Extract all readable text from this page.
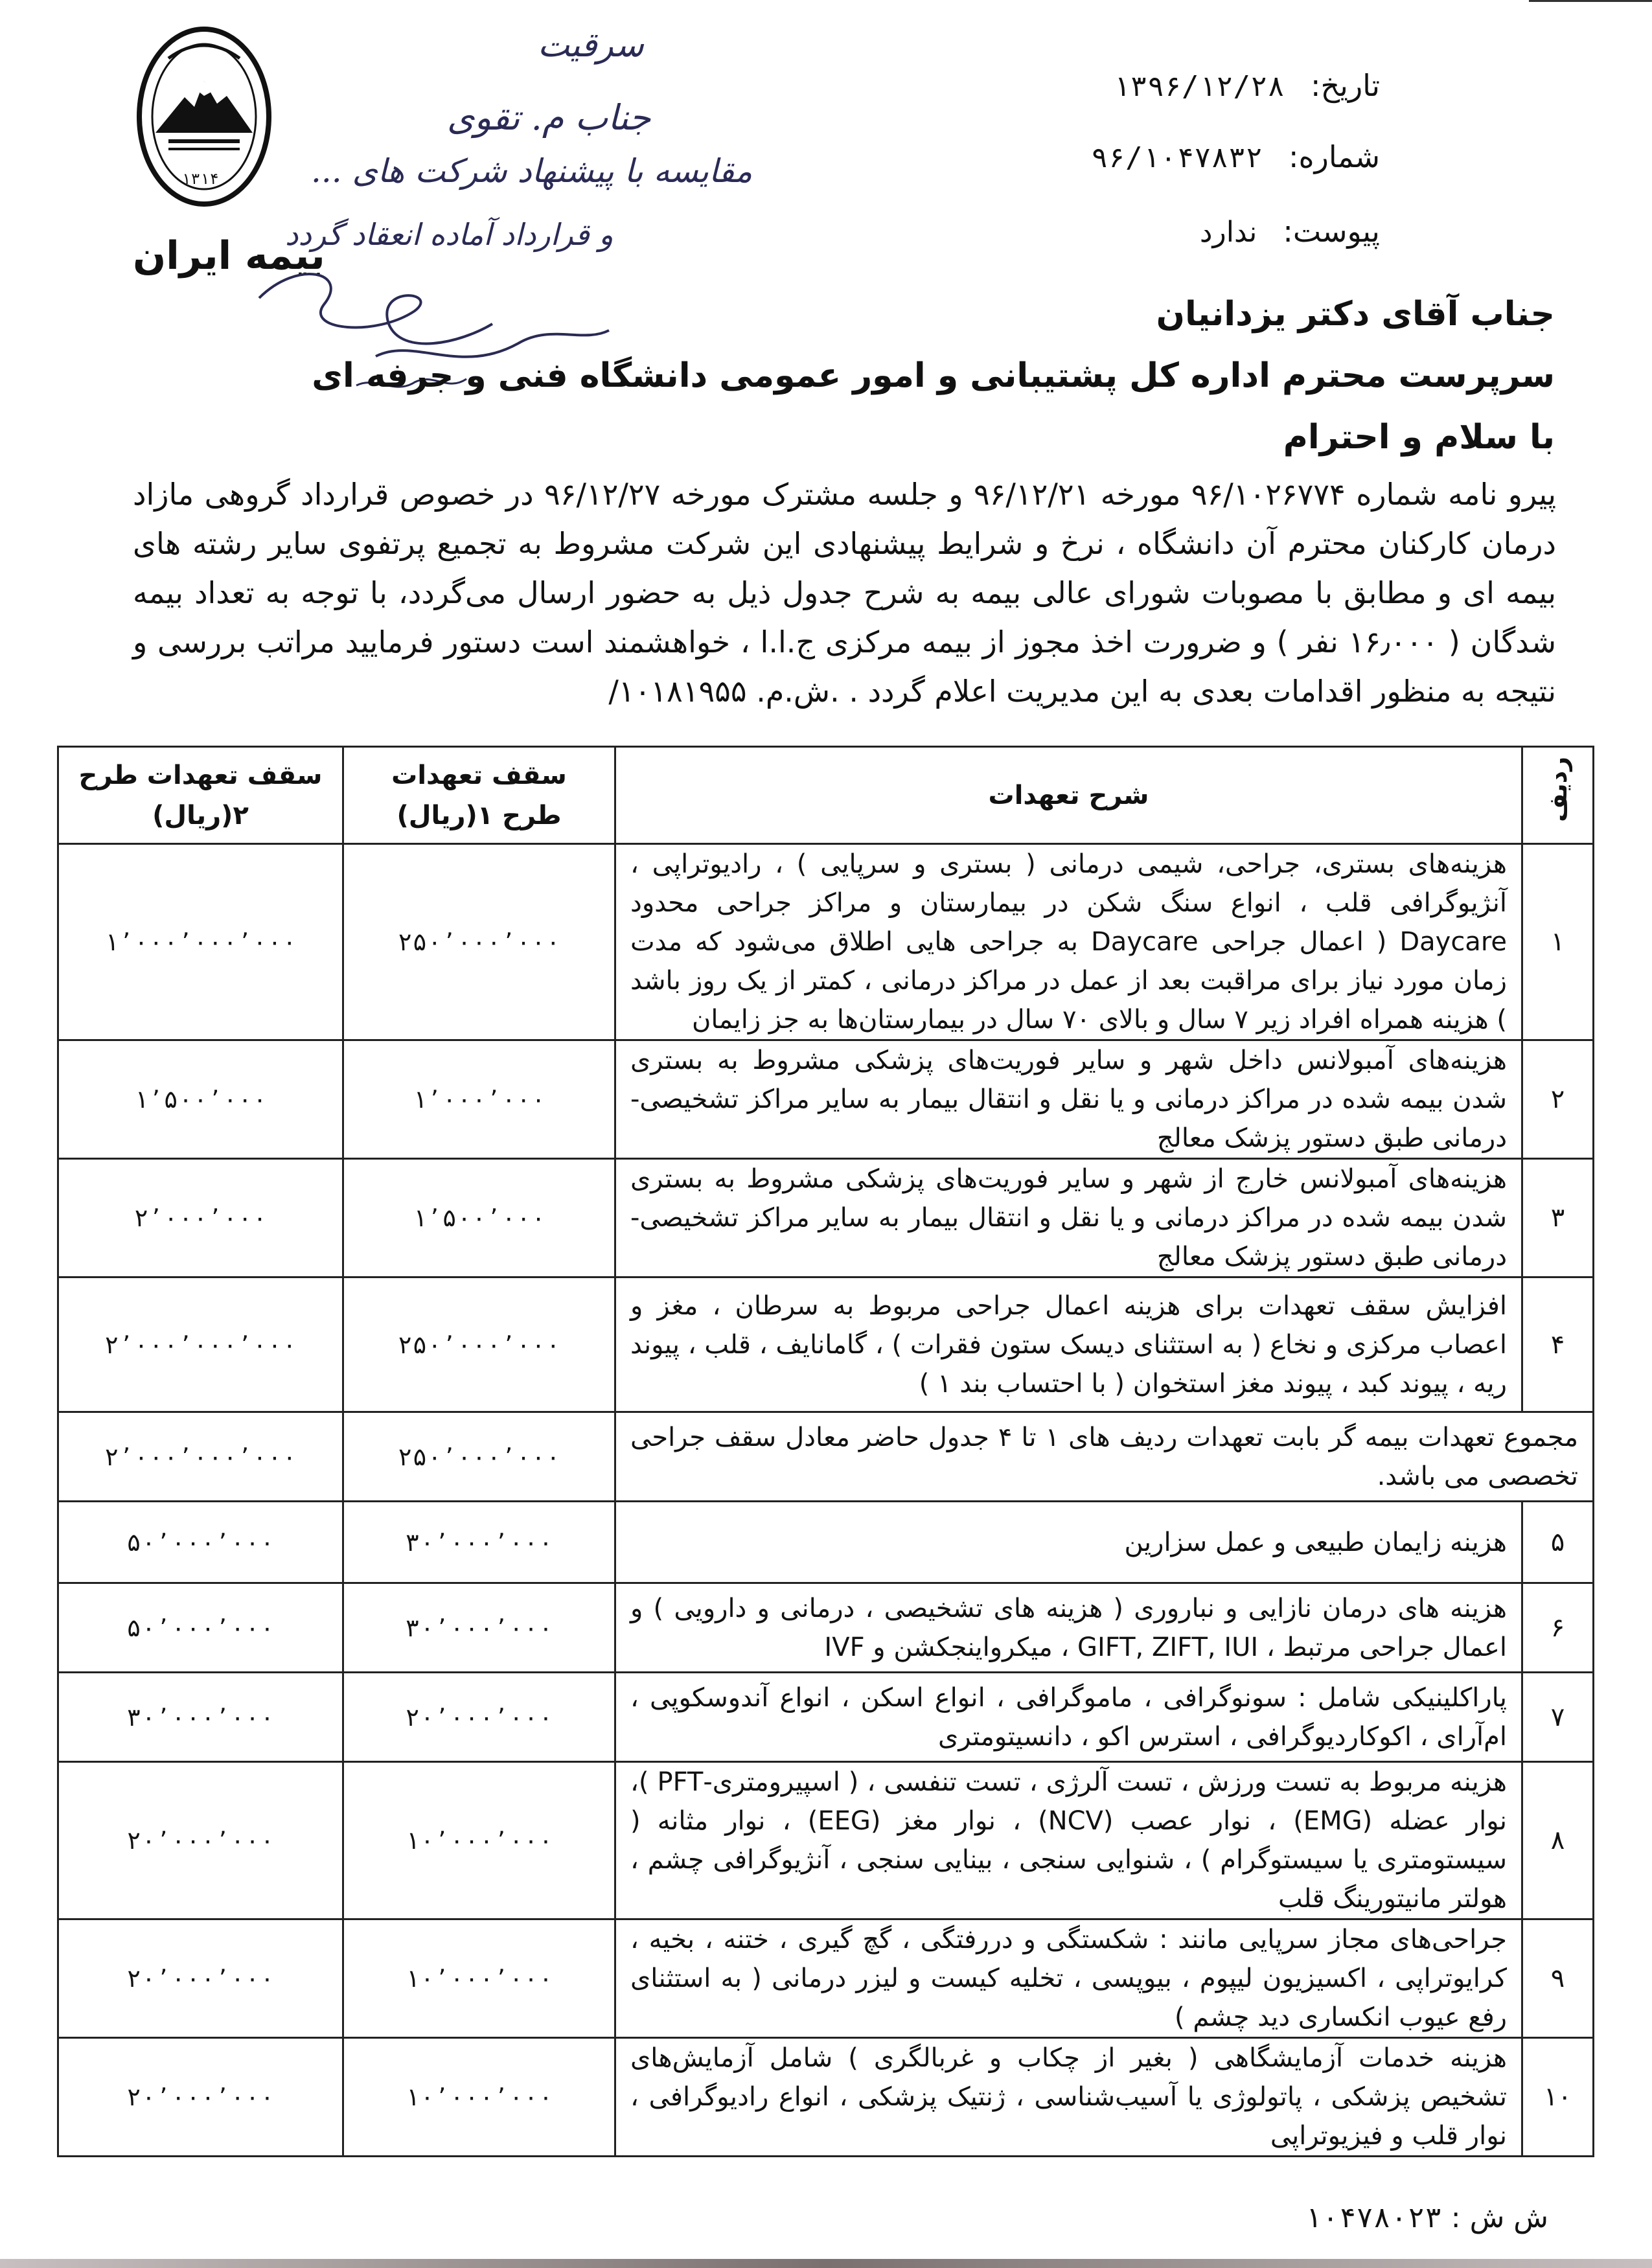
تاریخ:
۱۳۹۶/۱۲/۲۸
شماره:
۹۶/۱۰۴۷۸۳۲
پیوست:
ندارد
۱۳۱۴
بیمه ایران
سرقیت
جناب م. تقوی
مقایسه با پیشنهاد شرکت های ...
و قرارداد آماده انعقاد گردد
جناب آقای دکتر یزدانیان
سرپرست محترم اداره کل پشتیبانی و امور عمومی دانشگاه فنی و جرفه ای
با سلام و احترام
پیرو نامه شماره ۹۶/۱۰۲۶۷۷۴ مورخه ۹۶/۱۲/۲۱ و جلسه مشترک مورخه ۹۶/۱۲/۲۷ در خصوص قرارداد گروهی مازاد درمان کارکنان محترم آن دانشگاه ، نرخ و شرایط پیشنهادی این شرکت مشروط به تجمیع پرتفوی سایر رشته های بیمه ای و مطابق با مصوبات شورای عالی بیمه به شرح جدول ذیل به حضور ارسال می‌گردد، با توجه به تعداد بیمه شدگان ( ۱۶٫۰۰۰ نفر ) و ضرورت اخذ مجوز از بیمه مرکزی ج.ا.ا ، خواهشمند است دستور فرمایید مراتب بررسی و نتیجه به منظور اقدامات بعدی به این مدیریت اعلام گردد . .ش.م. ۱۰۱۸۱۹۵۵/
ردیف	شرح تعهدات	سقف تعهدات طرح ۱(ریال)	سقف تعهدات طرح ۲(ریال)
۱	هزینه‌های بستری، جراحی، شیمی درمانی ( بستری و سرپایی ) ، رادیوتراپی ، آنژیوگرافی قلب ، انواع سنگ شکن در بیمارستان و مراکز جراحی محدود Daycare ( اعمال جراحی Daycare به جراحی هایی اطلاق می‌شود که مدت زمان مورد نیاز برای مراقبت بعد از عمل در مراکز درمانی ، کمتر از یک روز باشد ) هزینه همراه افراد زیر ۷ سال و بالای ۷۰ سال در بیمارستان‌ها به جز زایمان	۲۵۰٬۰۰۰٬۰۰۰	۱٬۰۰۰٬۰۰۰٬۰۰۰
۲	هزینه‌های آمبولانس داخل شهر و سایر فوریت‌های پزشکی مشروط به بستری شدن بیمه شده در مراکز درمانی و یا نقل و انتقال بیمار به سایر مراکز تشخیصی-درمانی طبق دستور پزشک معالج	۱٬۰۰۰٬۰۰۰	۱٬۵۰۰٬۰۰۰
۳	هزینه‌های آمبولانس خارج از شهر و سایر فوریت‌های پزشکی مشروط به بستری شدن بیمه شده در مراکز درمانی و یا نقل و انتقال بیمار به سایر مراکز تشخیصی-درمانی طبق دستور پزشک معالج	۱٬۵۰۰٬۰۰۰	۲٬۰۰۰٬۰۰۰
۴	افزایش سقف تعهدات برای هزینه اعمال جراحی مربوط به سرطان ، مغز و اعصاب مرکزی و نخاع ( به استثنای دیسک ستون فقرات ) ، گامانایف ، قلب ، پیوند ریه ، پیوند کبد ، پیوند مغز استخوان ( با احتساب بند ۱ )	۲۵۰٬۰۰۰٬۰۰۰	۲٬۰۰۰٬۰۰۰٬۰۰۰
مجموع تعهدات بیمه گر بابت تعهدات ردیف های ۱ تا ۴ جدول حاضر معادل سقف جراحی تخصصی می باشد.		۲۵۰٬۰۰۰٬۰۰۰	۲٬۰۰۰٬۰۰۰٬۰۰۰
۵	هزینه زایمان طبیعی و عمل سزارین	۳۰٬۰۰۰٬۰۰۰	۵۰٬۰۰۰٬۰۰۰
۶	هزینه های درمان نازایی و نباروری ( هزینه های تشخیصی ، درمانی و دارویی ) و اعمال جراحی مرتبط ، GIFT, ZIFT, IUI ، میکرواینجکشن و IVF	۳۰٬۰۰۰٬۰۰۰	۵۰٬۰۰۰٬۰۰۰
۷	پاراکلینیکی شامل : سونوگرافی ، ماموگرافی ، انواع اسکن ، انواع آندوسکوپی ، ام‌آر‌ای ، اکوکاردیوگرافی ، استرس اکو ، دانسیتومتری	۲۰٬۰۰۰٬۰۰۰	۳۰٬۰۰۰٬۰۰۰
۸	هزینه مربوط به تست ورزش ، تست آلرژی ، تست تنفسی ، ( اسپیرومتری-PFT )، نوار عضله (EMG) ، نوار عصب (NCV) ، نوار مغز (EEG) ، نوار مثانه ( سیستومتری یا سیستوگرام ) ، شنوایی سنجی ، بینایی سنجی ، آنژیوگرافی چشم ، هولتر مانیتورینگ قلب	۱۰٬۰۰۰٬۰۰۰	۲۰٬۰۰۰٬۰۰۰
۹	جراحی‌های مجاز سرپایی مانند : شکستگی و دررفتگی ، گچ گیری ، ختنه ، بخیه ، کرایوتراپی ، اکسیزیون لیپوم ، بیوپسی ، تخلیه کیست و لیزر درمانی ( به استثنای رفع عیوب انکساری دید چشم )	۱۰٬۰۰۰٬۰۰۰	۲۰٬۰۰۰٬۰۰۰
۱۰	هزینه خدمات آزمایشگاهی ( بغیر از چکاب و غربالگری ) شامل آزمایش‌های تشخیص پزشکی ، پاتولوژی یا آسیب‌شناسی ، ژنتیک پزشکی ، انواع رادیوگرافی ، نوار قلب و فیزیوتراپی	۱۰٬۰۰۰٬۰۰۰	۲۰٬۰۰۰٬۰۰۰
ش ش : ۱۰۴۷۸۰۲۳
